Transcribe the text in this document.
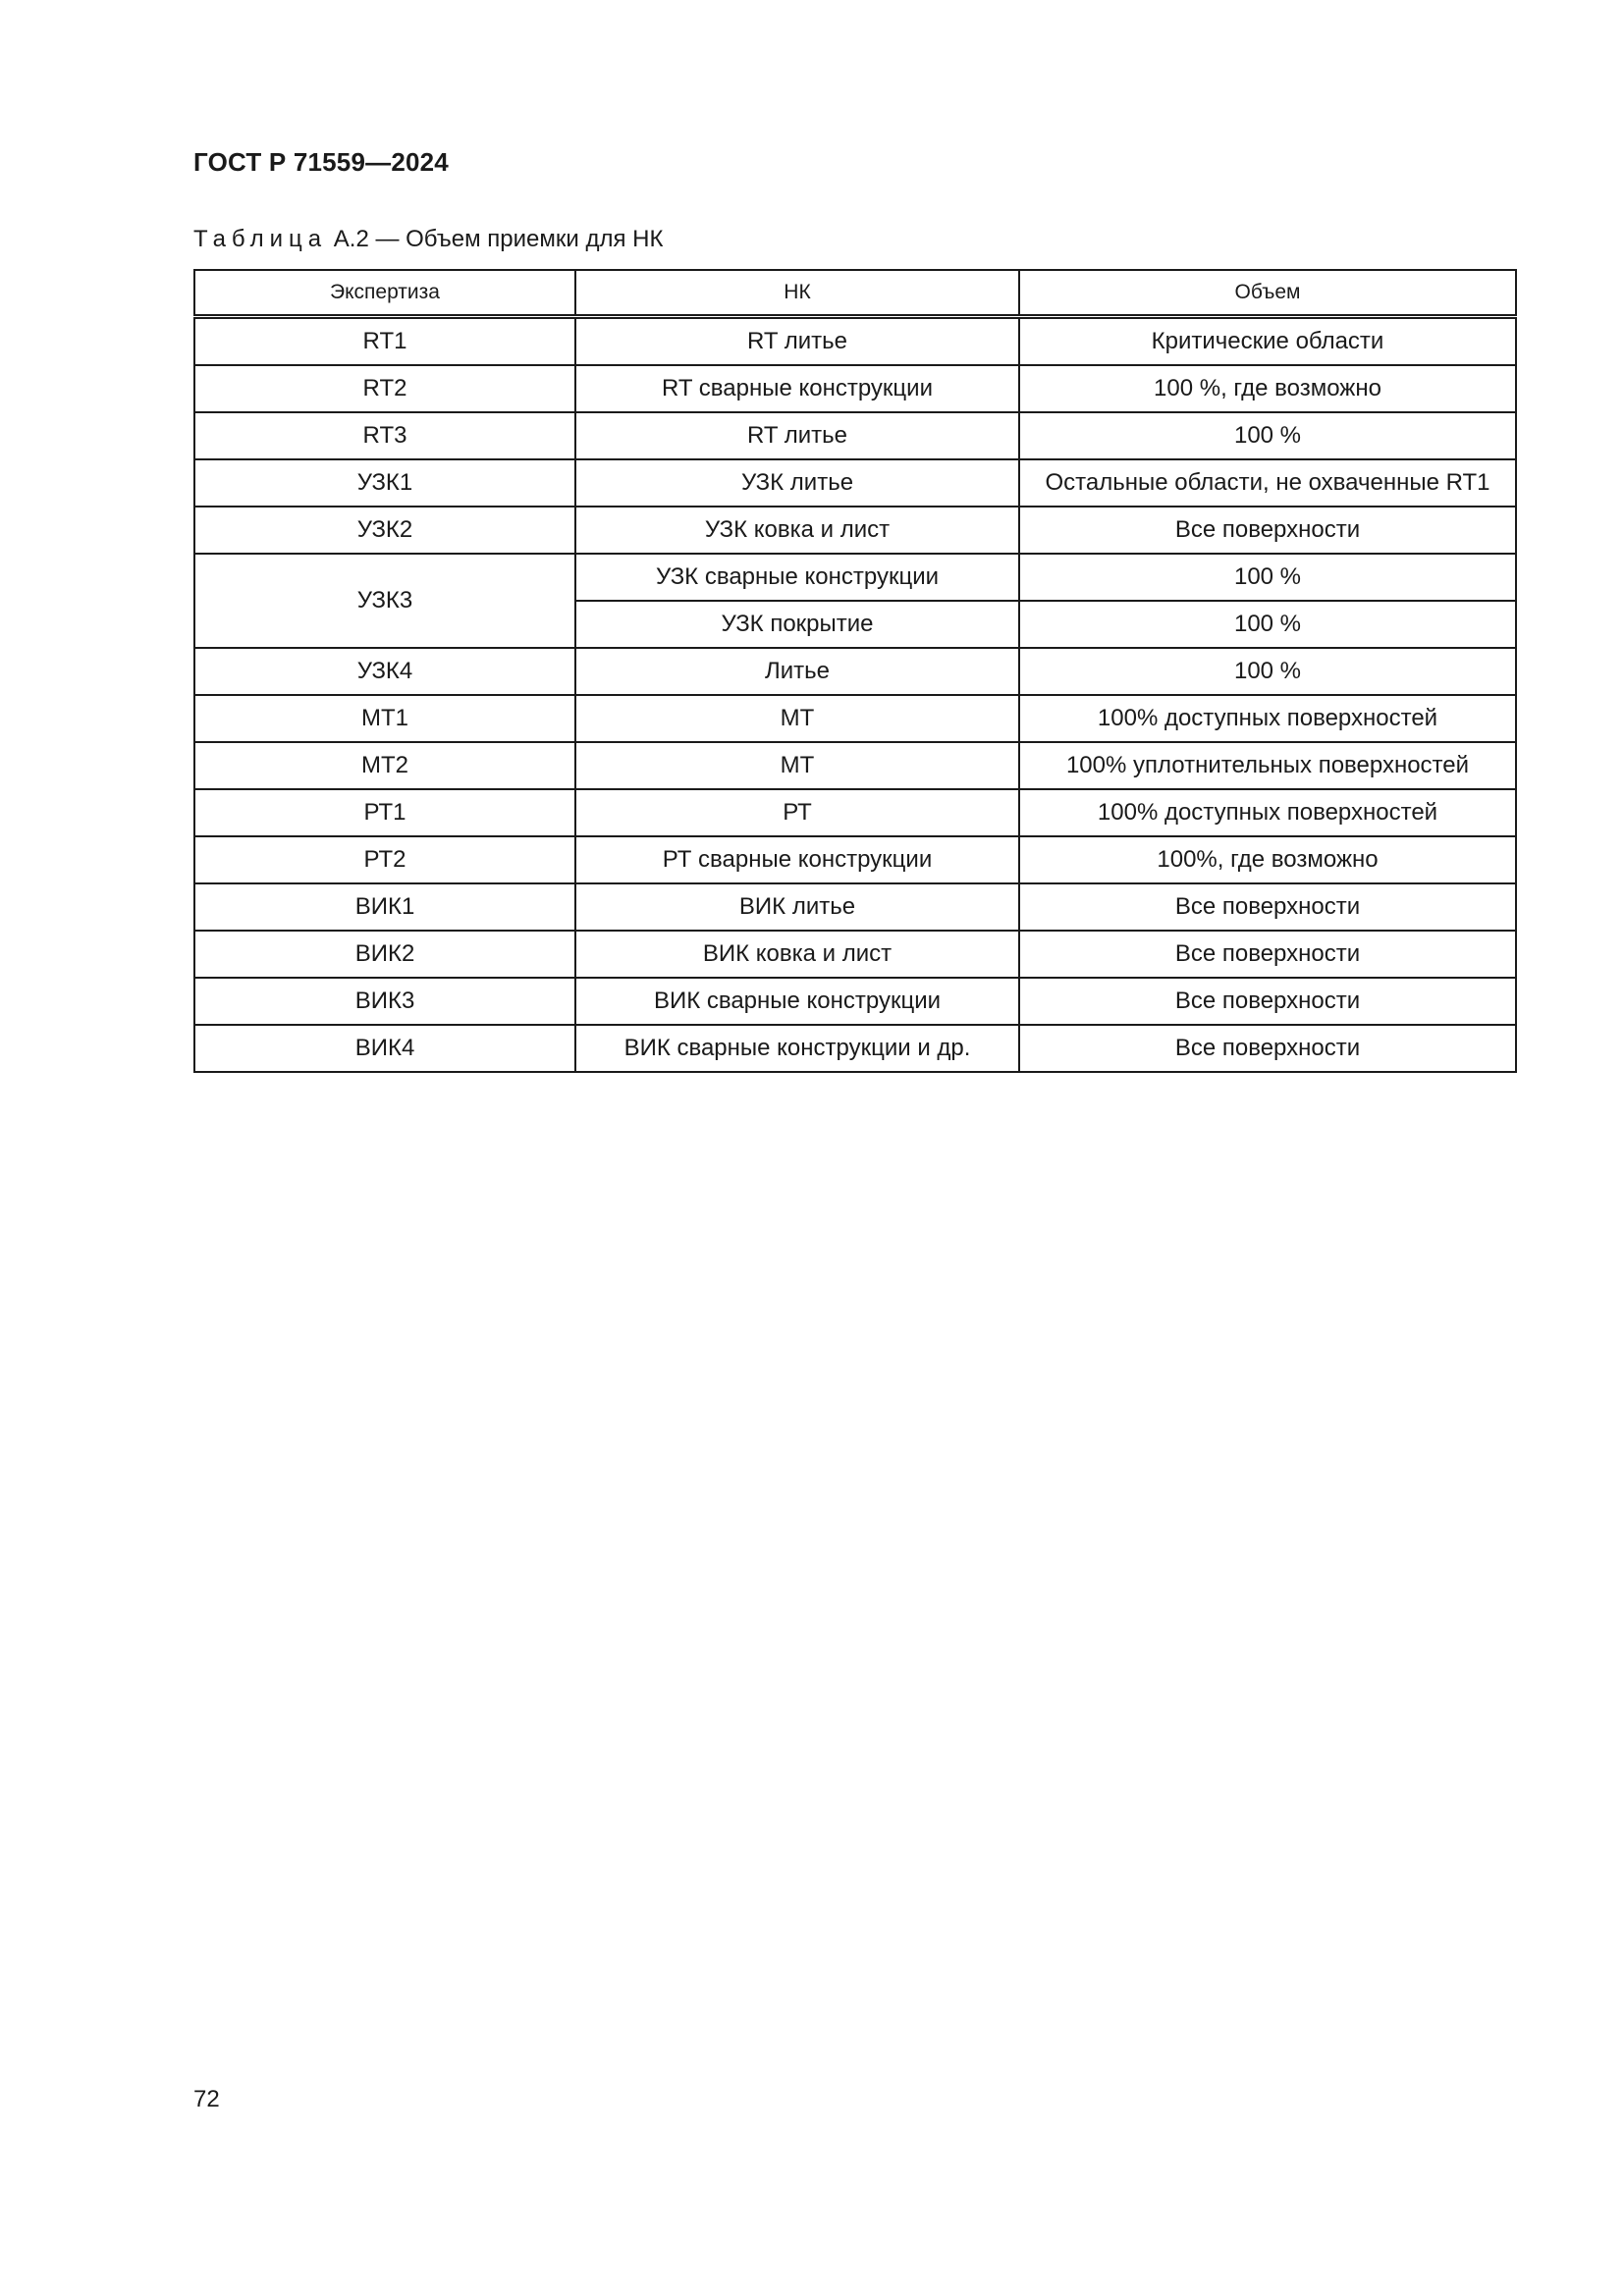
ГОСТ Р 71559—2024
Таблица А.2 — Объем приемки для НК
Экспертиза	НК	Объем
RT1	RT литье	Критические области
RT2	RT сварные конструкции	100 %, где возможно
RT3	RT литье	100 %
УЗК1	УЗК литье	Остальные области, не охваченные RT1
УЗК2	УЗК ковка и лист	Все поверхности
УЗК3	УЗК сварные конструкции	100 %
	УЗК покрытие	100 %
УЗК4	Литье	100 %
МТ1	МТ	100% доступных поверхностей
МТ2	МТ	100% уплотнительных поверхностей
РТ1	РТ	100% доступных поверхностей
РТ2	РТ сварные конструкции	100%, где возможно
ВИК1	ВИК литье	Все поверхности
ВИК2	ВИК ковка и лист	Все поверхности
ВИК3	ВИК сварные конструкции	Все поверхности
ВИК4	ВИК сварные конструкции и др.	Все поверхности
72
